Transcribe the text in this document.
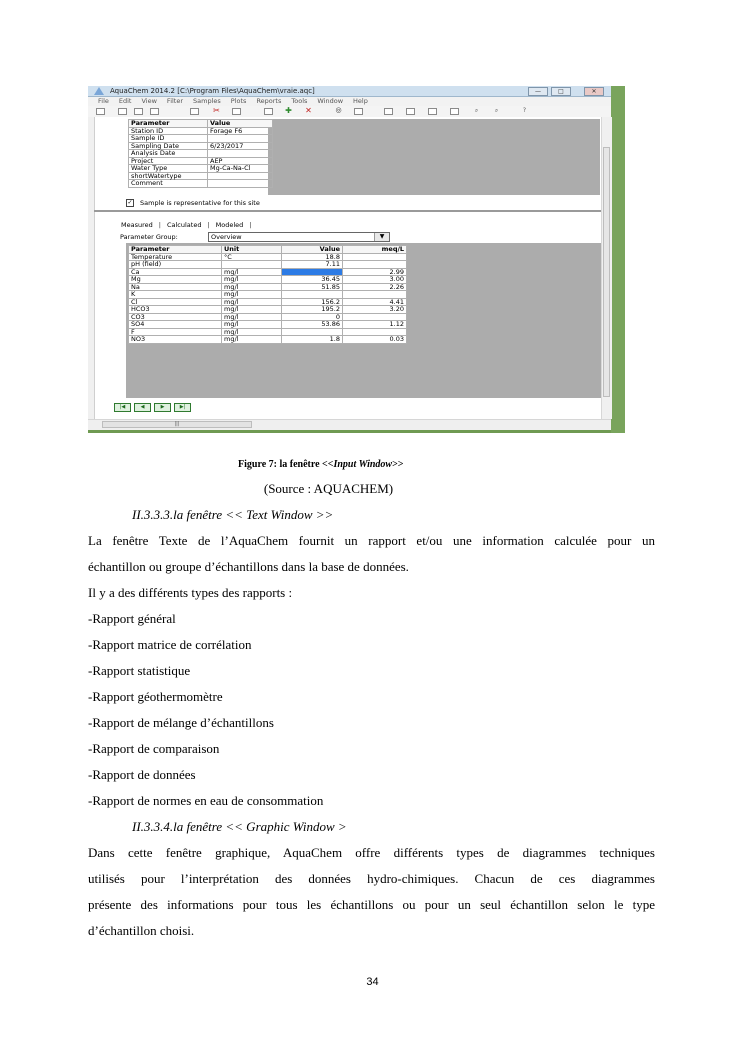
AquaChem 2014.2 [C:\Program Files\AquaChem\vraie.aqc]	—	□	✕
File Edit View Filter Samples Plots Reports Tools Window Help
✂	✚ ✕	◎	⌕	⌕	?
Parameter	Value
Station ID	Forage F6
Sample ID	
Sampling Date	6/23/2017
Analysis Date	
Project	AEP
Water Type	Mg-Ca-Na-Cl
shortWatertype	
Comment	
✓ Sample is representative for this site
Measured | Calculated | Modeled |
Parameter Group:	Overview	▼
Parameter	Unit	Value	meq/L
Temperature	°C	18.8	
pH (field)		7.11	
Ca	mg/l	60	2.99
Mg	mg/l	36.45	3.00
Na	mg/l	51.85	2.26
K	mg/l		
Cl	mg/l	156.2	4.41
HCO3	mg/l	195.2	3.20
CO3	mg/l	0	
SO4	mg/l	53.86	1.12
F	mg/l		
NO3	mg/l	1.8	0.03
|◀	◀	▶	▶|
|||
Figure 7: la fenêtre <<Input Window>>
(Source : AQUACHEM)
II.3.3.3.la fenêtre << Text Window >>
La fenêtre Texte de l’AquaChem fournit un rapport et/ou une information calculée pour un
échantillon ou groupe d’échantillons dans la base de données.
Il y a des différents types des rapports :
-Rapport général
-Rapport matrice de corrélation
-Rapport statistique
-Rapport géothermomètre
-Rapport de mélange d’échantillons
-Rapport de comparaison
-Rapport de données
-Rapport de normes en eau de consommation
II.3.3.4.la fenêtre << Graphic Window >
Dans cette fenêtre graphique, AquaChem offre différents types de diagrammes techniques
utilisés pour l’interprétation des données hydro-chimiques. Chacun de ces diagrammes
présente des informations pour tous les échantillons ou pour un seul échantillon selon le type
d’échantillon choisi.
34
